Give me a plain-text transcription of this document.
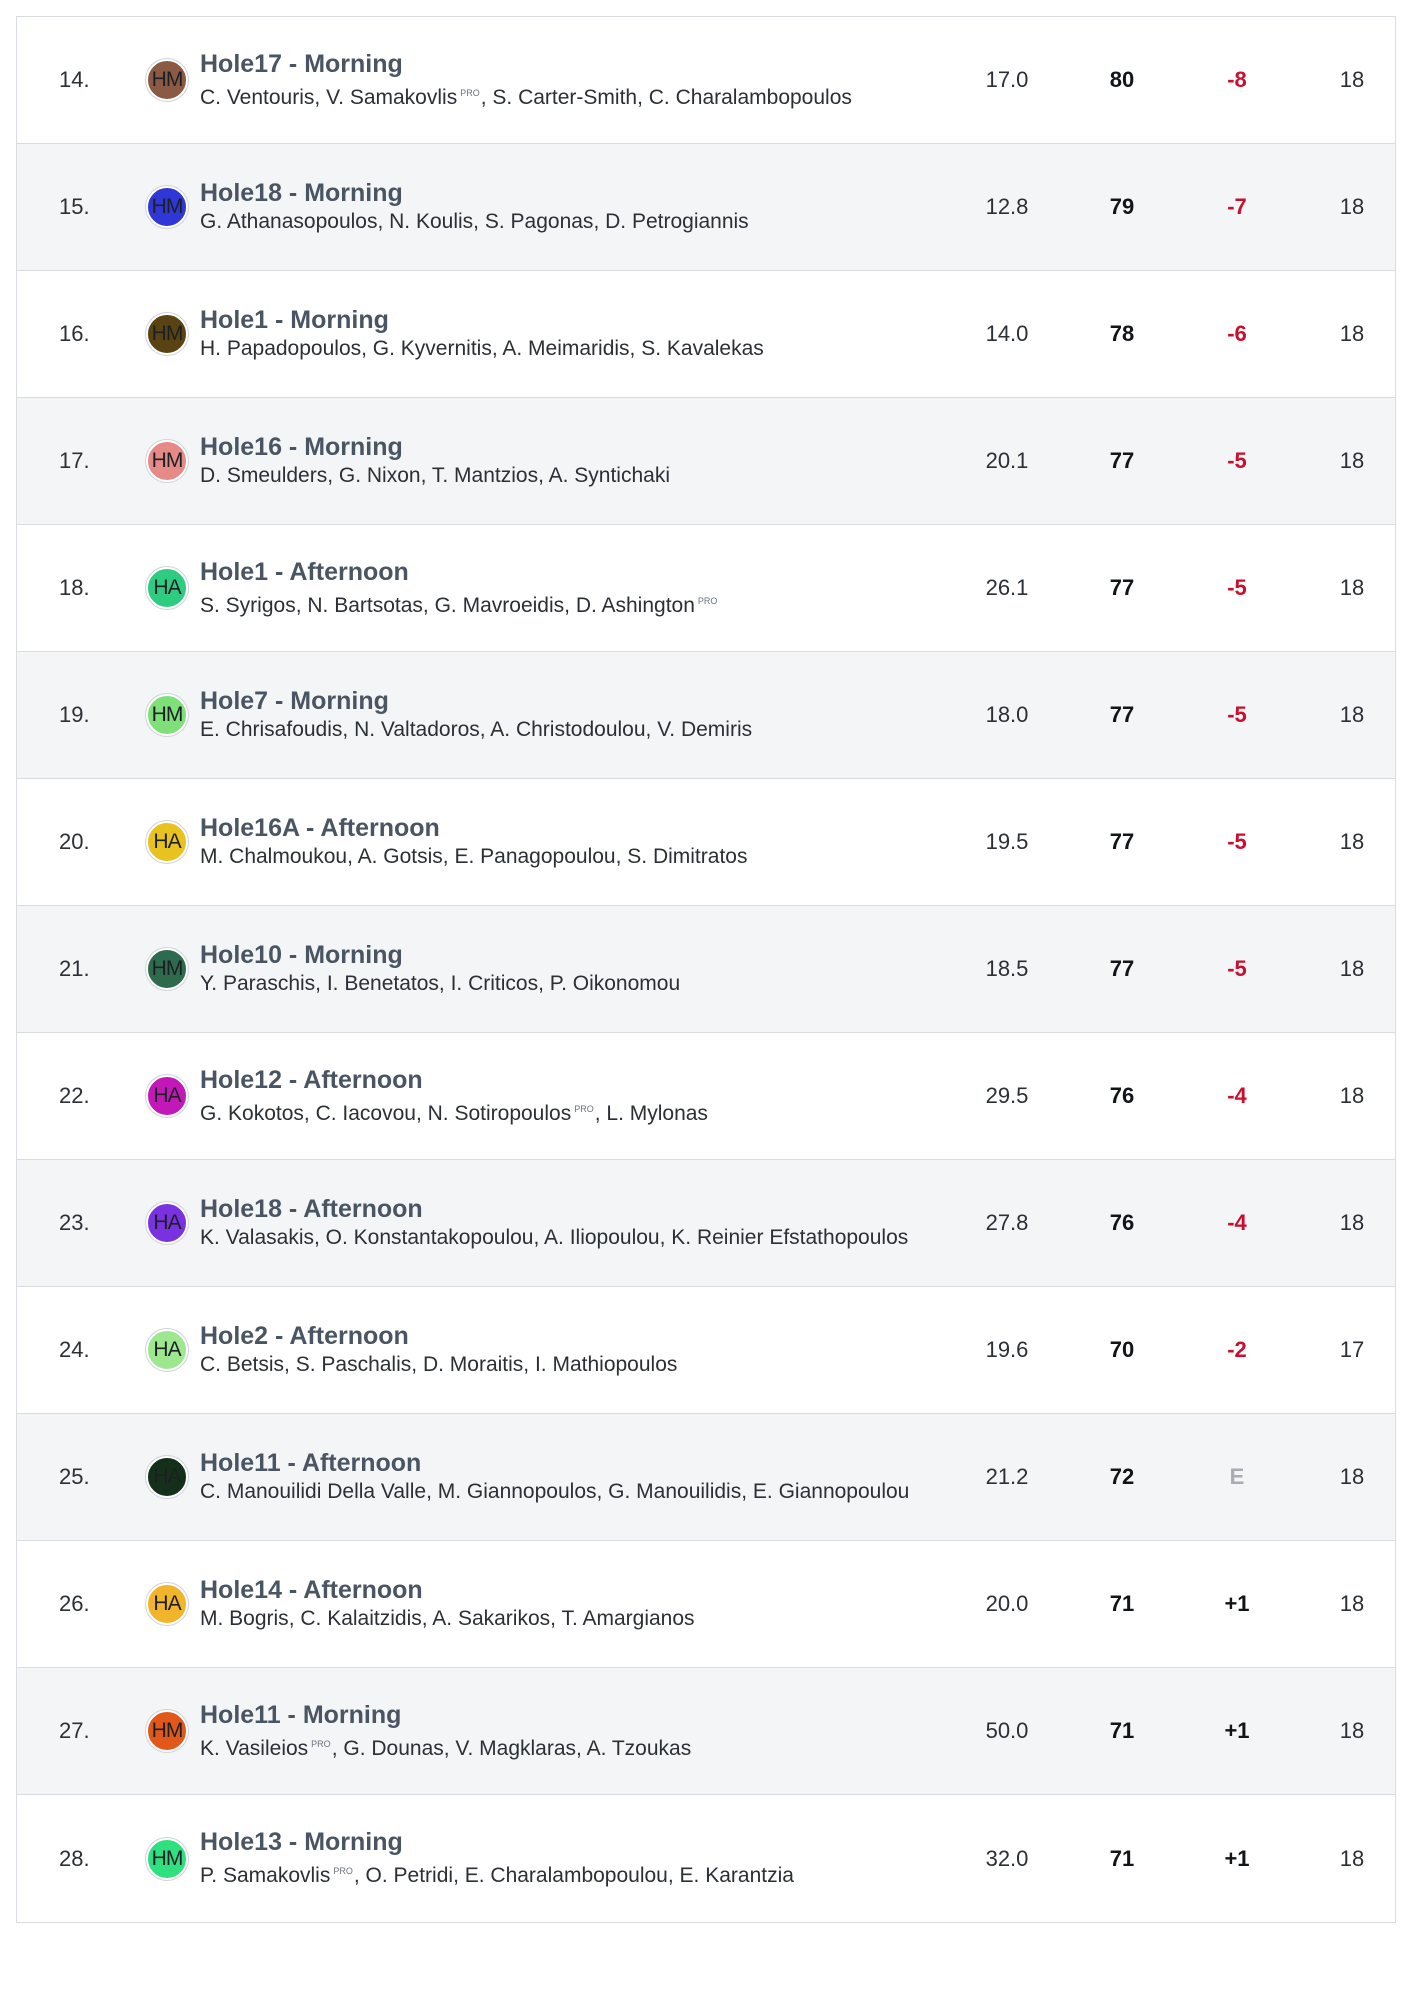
14.	HM
Hole17 - Morning
C. Ventouris, V. Samakovlis $^{PRO}$, S. Carter-Smith, C. Charalambopoulos
17.0	80	-8	18
15.	HM Hole18 - Morning
G. Athanasopoulos, N. Koulis, S. Pagonas, D. Petrogiannis
12.8	79	-7	18
16.	HM Hole1 - Morning
H. Papadopoulos, G. Kyvernitis, A. Meimaridis, S. Kavalekas
14.0	78	-6	18
17.	HM Hole16 - Morning
D. Smeulders, G. Nixon, T. Mantzios, A. Syntichaki
20.1	77	-5	18
18.	HA
Hole1 - Afternoon
S. Syrigos, N. Bartsotas, G. Mavroeidis, D. Ashington $^{PRO}$
26.1	77	-5	18
19.	HM Hole7 - Morning
E. Chrisafoudis, N. Valtadoros, A. Christodoulou, V. Demiris
18.0	77	-5	18
20.	HA Hole16A - Afternoon
M. Chalmoukou, A. Gotsis, E. Panagopoulou, S. Dimitratos
19.5	77	-5	18
21.	HM Hole10 - Morning
Y. Paraschis, I. Benetatos, I. Criticos, P. Oikonomou
18.5	77	-5	18
22.	HA
Hole12 - Afternoon
G. Kokotos, C. Iacovou, N. Sotiropoulos $^{PRO}$, L. Mylonas
29.5	76	-4	18
23.	HA Hole18 - Afternoon
K. Valasakis, O. Konstantakopoulou, A. Iliopoulou, K. Reinier Efstathopoulos
27.8	76	-4	18
24.	HA Hole2 - Afternoon
C. Betsis, S. Paschalis, D. Moraitis, I. Mathiopoulos
19.6	70	-2	17
25.	HA Hole11 - Afternoon
C. Manouilidi Della Valle, M. Giannopoulos, G. Manouilidis, E. Giannopoulou
21.2	72	E	18
26.	HA Hole14 - Afternoon
M. Bogris, C. Kalaitzidis, A. Sakarikos, T. Amargianos
20.0	71	+1	18
27.	HM
Hole11 - Morning
K. Vasileios $^{PRO}$, G. Dounas, V. Magklaras, A. Tzoukas
50.0	71	+1	18
28.	HM
Hole13 - Morning
P. Samakovlis $^{PRO}$, O. Petridi, E. Charalambopoulou, E. Karantzia
32.0	71	+1	18
